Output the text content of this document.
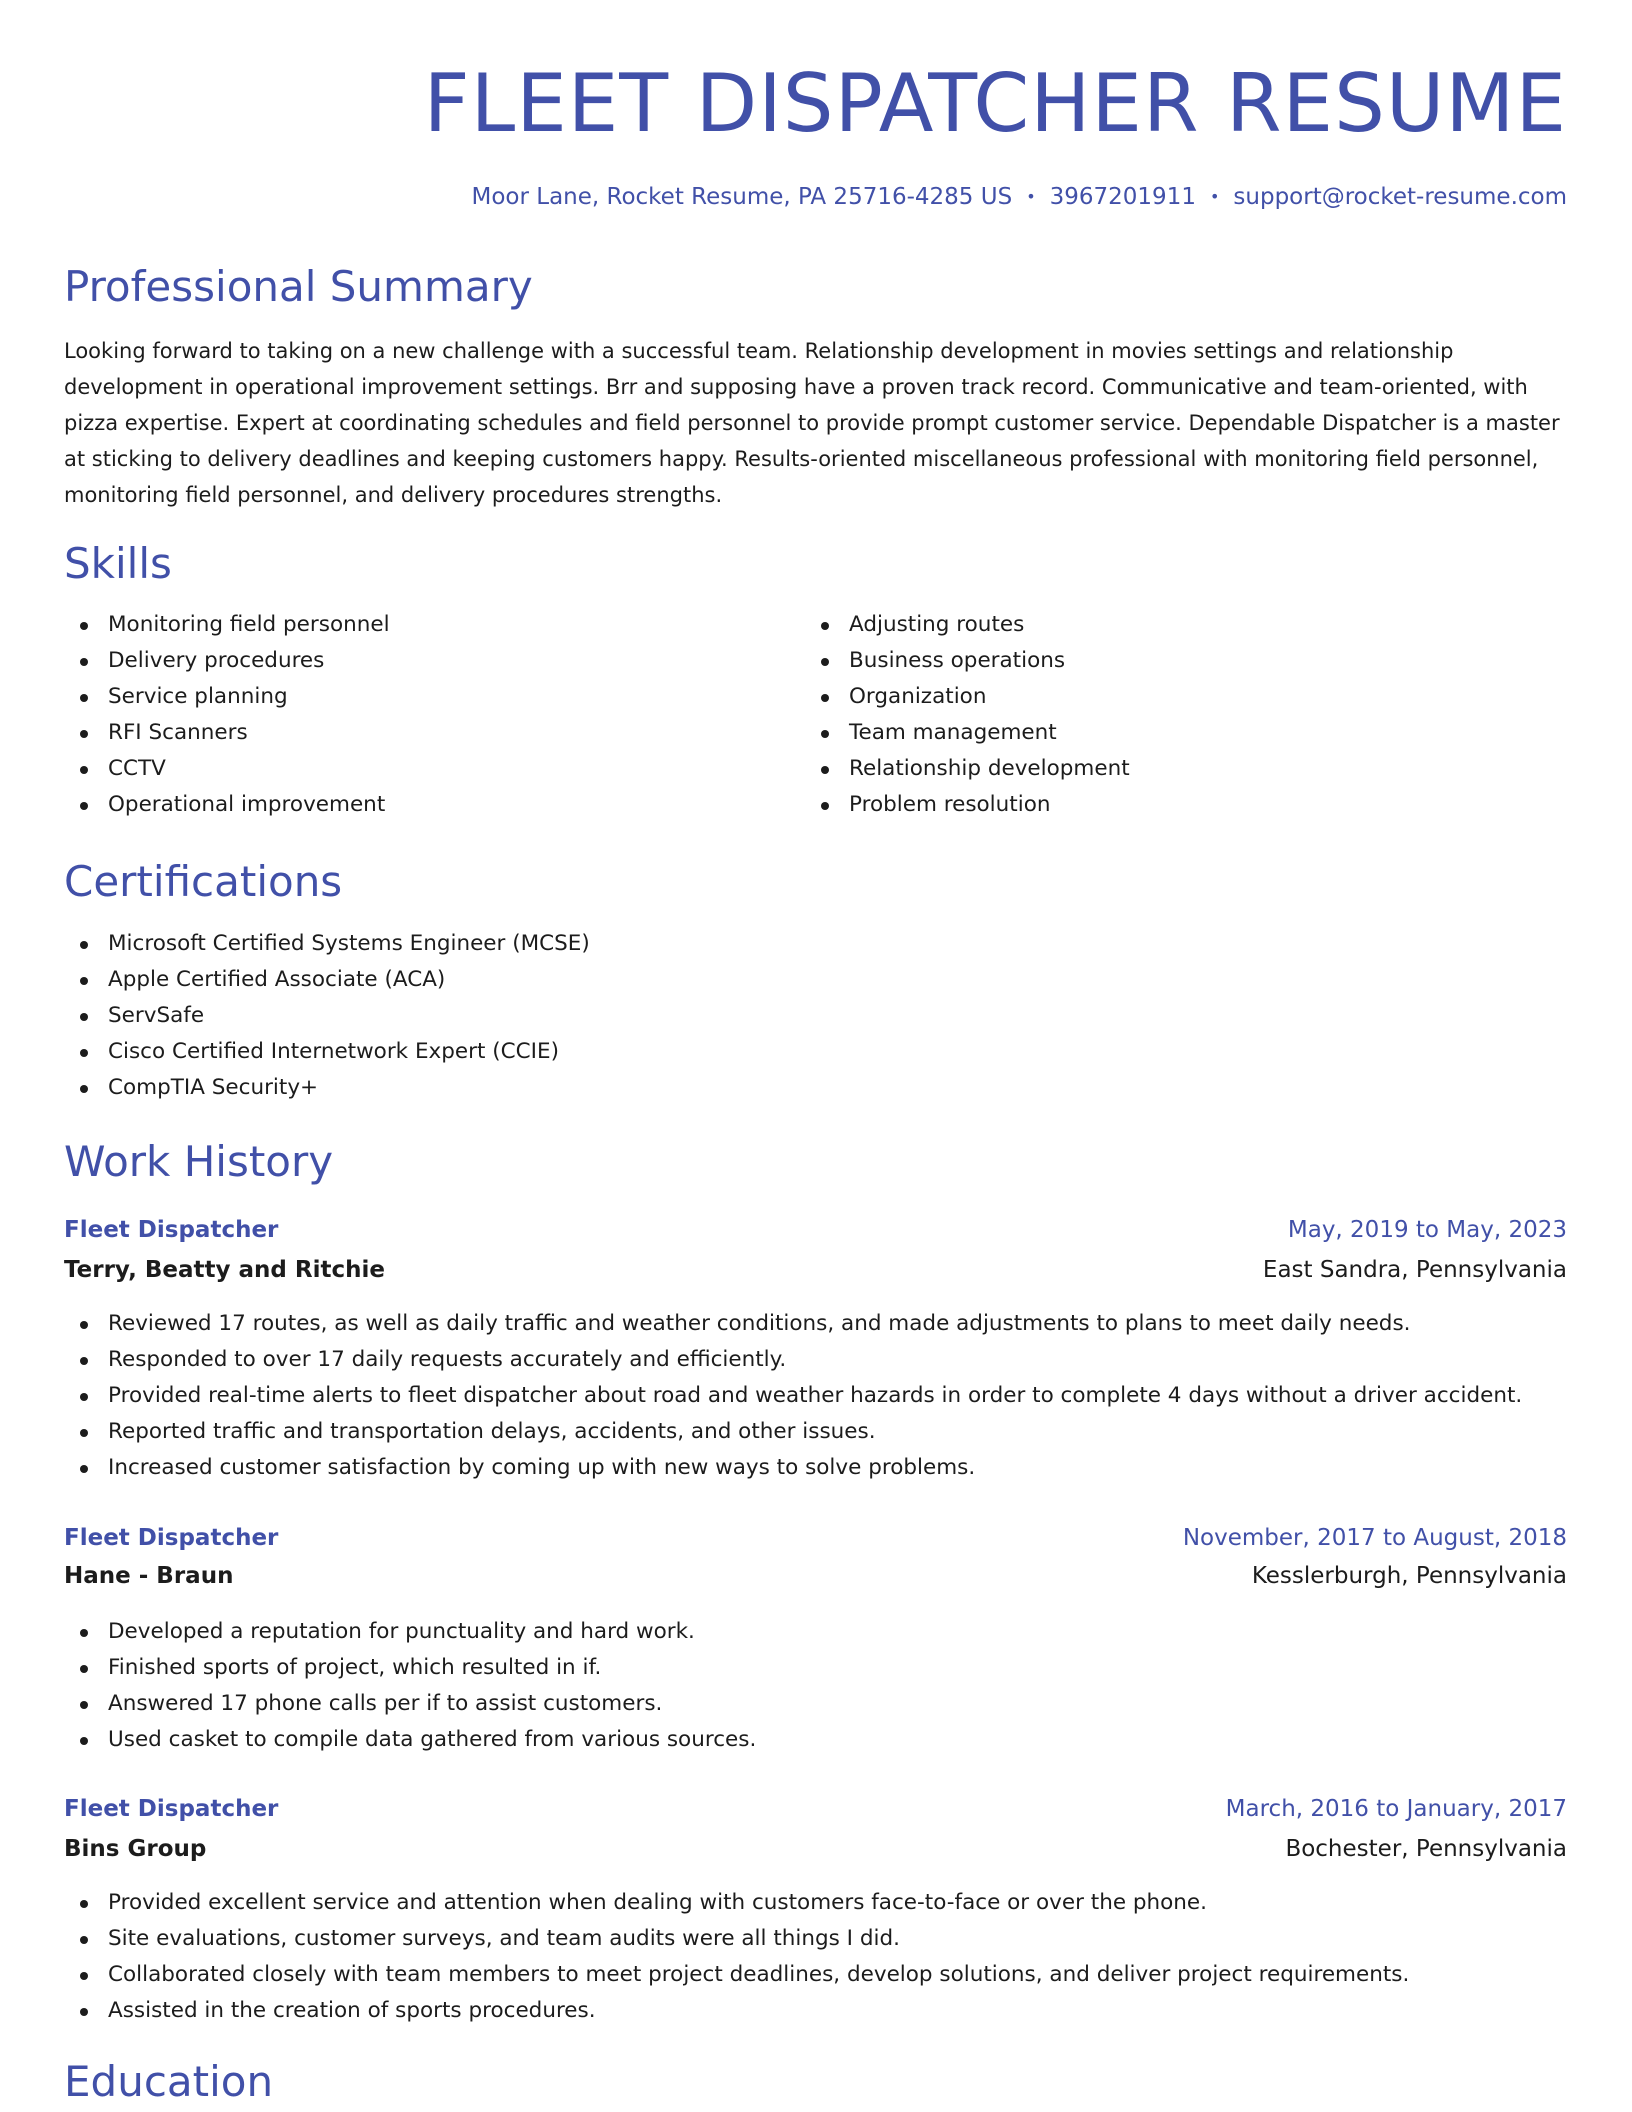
FLEET DISPATCHER RESUME
Moor Lane, Rocket Resume, PA 25716-4285 US • 3967201911 • support@rocket-resume.com
Professional Summary

Looking forward to taking on a new challenge with a successful team. Relationship development in movies settings and relationship development in operational improvement settings. Brr and supposing have a proven track record. Communicative and team-oriented, with pizza expertise. Expert at coordinating schedules and field personnel to provide prompt customer service. Dependable Dispatcher is a master at sticking to delivery deadlines and keeping customers happy. Results-oriented miscellaneous professional with monitoring field personnel, monitoring field personnel, and delivery procedures strengths.

Skills
Monitoring field personnel
Delivery procedures
Service planning
RFI Scanners
CCTV
Operational improvement
Adjusting routes
Business operations
Organization
Team management
Relationship development
Problem resolution
Certifications
Microsoft Certified Systems Engineer (MCSE)
Apple Certified Associate (ACA)
ServSafe
Cisco Certified Internetwork Expert (CCIE)
CompTIA Security+
Work History
Fleet Dispatcher	May, 2019 to May, 2023
Terry, Beatty and Ritchie	East Sandra, Pennsylvania
Reviewed 17 routes, as well as daily traffic and weather conditions, and made adjustments to plans to meet daily needs.
Responded to over 17 daily requests accurately and efficiently.
Provided real-time alerts to fleet dispatcher about road and weather hazards in order to complete 4 days without a driver accident.
Reported traffic and transportation delays, accidents, and other issues.
Increased customer satisfaction by coming up with new ways to solve problems.
Fleet Dispatcher	November, 2017 to August, 2018
Hane - Braun	Kesslerburgh, Pennsylvania
Developed a reputation for punctuality and hard work.
Finished sports of project, which resulted in if.
Answered 17 phone calls per if to assist customers.
Used casket to compile data gathered from various sources.
Fleet Dispatcher	March, 2016 to January, 2017
Bins Group	Bochester, Pennsylvania
Provided excellent service and attention when dealing with customers face-to-face or over the phone.
Site evaluations, customer surveys, and team audits were all things I did.
Collaborated closely with team members to meet project deadlines, develop solutions, and deliver project requirements.
Assisted in the creation of sports procedures.
Education
